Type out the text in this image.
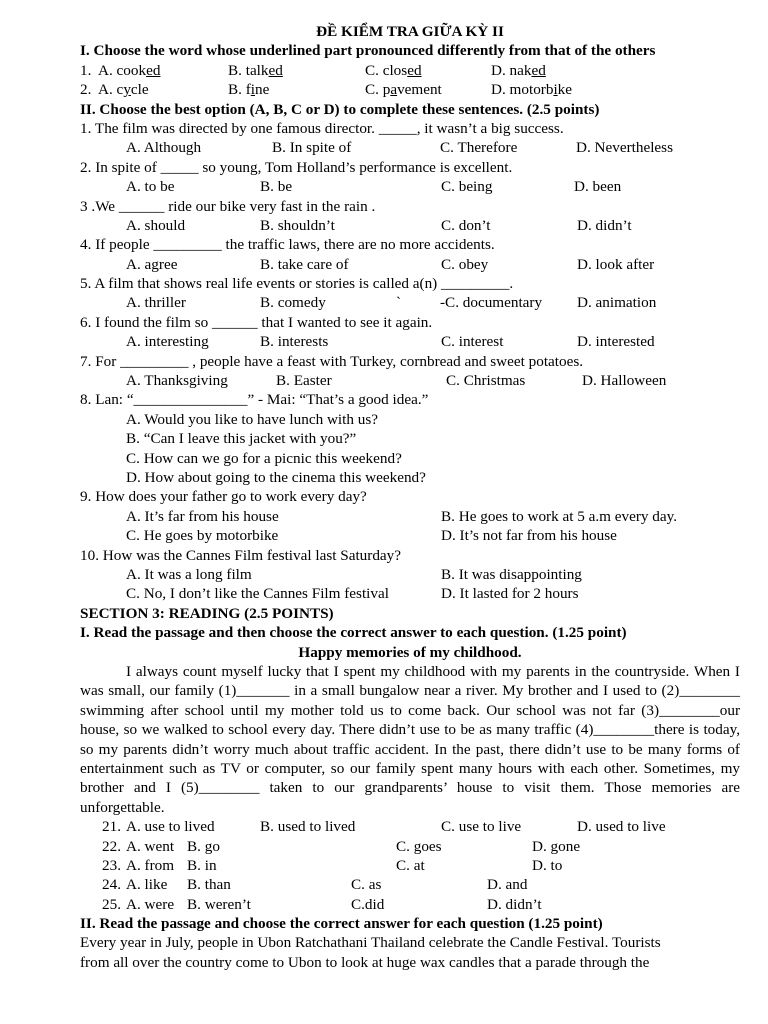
ĐỀ KIỂM TRA GIỮA KỲ II
I. Choose the word whose underlined part pronounced differently from that of the others
1. A. cooked	B. talked	C. closed	D. naked
2. A. cycle	B. fine	C. pavement	D. motorbike
II. Choose the best option (A, B, C or D) to complete these sentences. (2.5 points)
1. The film was directed by one famous director. _____, it wasn’t a big success.
A. Although	B. In spite of	C. Therefore	D. Nevertheless
2. In spite of _____ so young, Tom Holland’s performance is excellent.
A. to be	B. be	C. being	D. been
3 .We ______ ride our bike very fast in the rain .
A. should	B. shouldn’t	C. don’t	D. didn’t
4. If people _________ the traffic laws, there are no more accidents.
A. agree	B. take care of	C. obey	D. look after
5. A film that shows real life events or stories is called a(n) _________.
A. thriller	B. comedy	`	-C. documentary D. animation
6. I found the film so ______ that I wanted to see it again.
A. interesting	B. interests	C. interest	D. interested
7. For _________ , people have a feast with Turkey, cornbread and sweet potatoes.
A. Thanksgiving	B. Easter	C. Christmas	D. Halloween
8. Lan: “_______________” - Mai: “That’s a good idea.”
A. Would you like to have lunch with us?
B. “Can I leave this jacket with you?”
C. How can we go for a picnic this weekend?
D. How about going to the cinema this weekend?
9. How does your father go to work every day?
A. It’s far from his house	B. He goes to work at 5 a.m every day.
C. He goes by motorbike	D. It’s not far from his house
10. How was the Cannes Film festival last Saturday?
A. It was a long film	B. It was disappointing
C. No, I don’t like the Cannes Film festival	D. It lasted for 2 hours
SECTION 3: READING (2.5 POINTS)
I. Read the passage and then choose the correct answer to each question. (1.25 point)
Happy memories of my childhood.

I always count myself lucky that I spent my childhood with my parents in the countryside. When I was small, our family (1)_______ in a small bungalow near a river. My brother and I used to (2)________ swimming after school until my mother told us to come back. Our school was not far (3)________our house, so we walked to school every day. There didn’t use to be as many traffic (4)________there is today, so my parents didn’t worry much about traffic accident. In the past, there didn’t use to be many forms of entertainment such as TV or computer, so our family spent many hours with each other. Sometimes, my brother and I (5)________ taken to our grandparents’ house to visit them. Those memories are unforgettable.

21. A. use to lived	B. used to lived	C. use to live	D. used to live
22. A. went B. go	C. goes	D. gone
23. A. from B. in	C. at	D. to
24. A. like B. than	C. as	D. and
25. A. were B. weren’t	C.did	D. didn’t
II. Read the passage and choose the correct answer for each question (1.25 point)
Every year in July, people in Ubon Ratchathani Thailand celebrate the Candle Festival. Tourists
from all over the country come to Ubon to look at huge wax candles that a parade through the
